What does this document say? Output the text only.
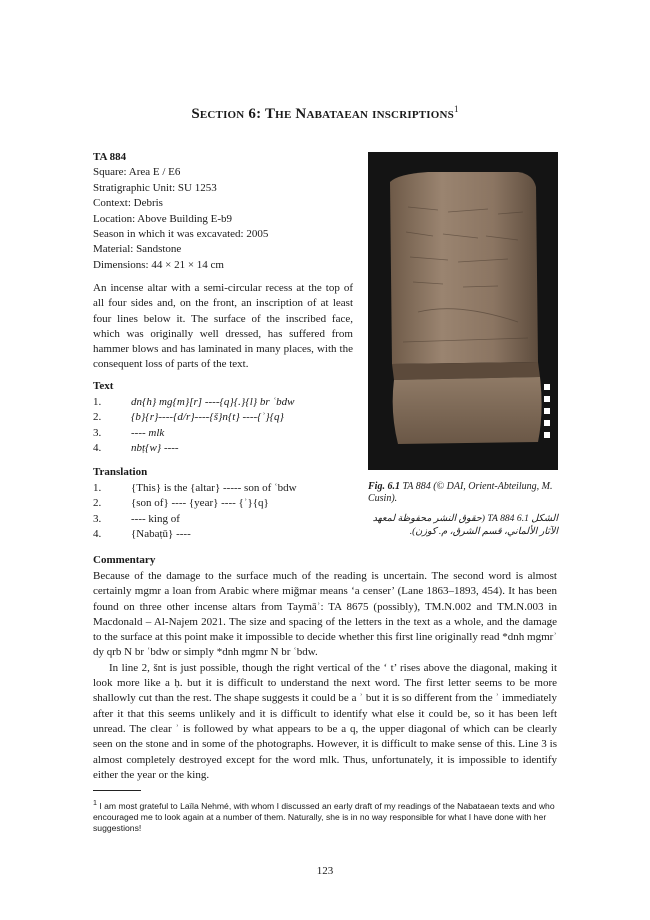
Section 6: The Nabataean inscriptions$^1$
TA 884
Square: Area E / E6
Stratigraphic Unit: SU 1253
Context: Debris
Location: Above Building E-b9
Season in which it was excavated: 2005
Material: Sandstone
Dimensions: 44 × 21 × 14 cm
An incense altar with a semi-circular recess at the top of all four sides and, on the front, an inscription of at least four lines below it. The surface of the inscribed face, which was originally well dressed, has suffered from hammer blows and has laminated in many places, with the consequent loss of parts of the text.
Text
1.	dn{h} mg{m}[r] ----{q}{.}{l} br ʿbdw
2.	{b}{r}----{d/r}----{š}n{t} ----{ʾ}{q}
3.	---- mlk
4.	nbṭ{w} ----
Translation
1.	{This} is the {altar} ----- son of ʿbdw
2.	{son of} ---- {year} ---- {ʾ}{q}
3.	---- king of
4.	{Nabaṭū} ----
Fig. 6.1 TA 884 (© DAI, Orient-Abteilung, M. Cusin).
الشكل 6.1 TA 884 (حقوق النشر محفوظة لمعهد الآثار الألماني، قسم الشرق، م. كوزن).
Commentary
Because of the damage to the surface much of the reading is uncertain. The second word is almost certainly mgmr a loan from Arabic where miǧmar means ‘a censer’ (Lane 1863–1893, 454). It has been found on three other incense altars from Taymāʾ: TA 8675 (possibly), TM.N.002 and TM.N.003 in Macdonald – Al-Najem 2021. The size and spacing of the letters in the text as a whole, and the damage to the surface at this point make it impossible to decide whether this first line originally read *dnh mgmrʾ dy qrb N br ʿbdw or simply *dnh mgmr N br ʿbdw.
In line 2, šnt is just possible, though the right vertical of the ‘ t’ rises above the diagonal, making it look more like a ḥ. but it is difficult to understand the next word. The first letter seems to be more shallowly cut than the rest. The shape suggests it could be a ʾ but it is so different from the ʾ immediately after it that this seems unlikely and it is difficult to identify what else it could be, so it has been left unread. The clear ʾ is followed by what appears to be a q, the upper diagonal of which can be clearly seen on the stone and in some of the photographs. However, it is difficult to make sense of this. Line 3 is almost completely destroyed except for the word mlk. Thus, unfortunately, it is impossible to identify either the year or the king.
$^1$ I am most grateful to Laïla Nehmé, with whom I discussed an early draft of my readings of the Nabataean texts and who encouraged me to look again at a number of them. Naturally, she is in no way responsible for what I have done with her suggestions!
123
